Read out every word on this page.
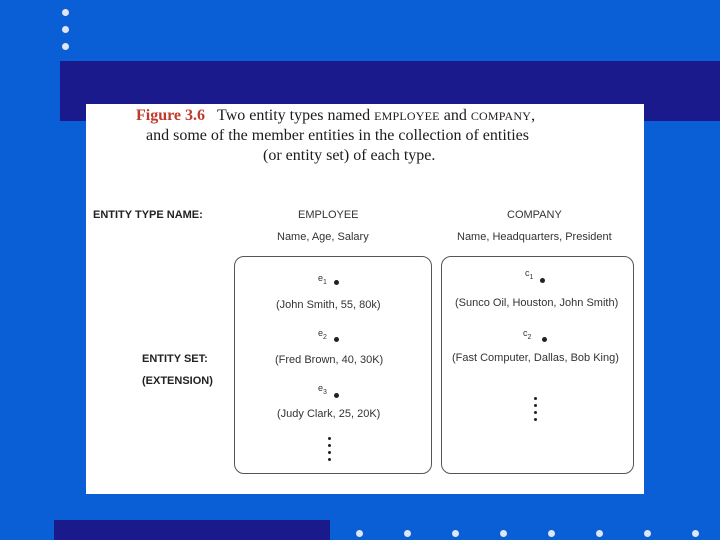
Figure 3.6 Two entity types named EMPLOYEE and COMPANY,
and some of the member entities in the collection of entities
(or entity set) of each type.
ENTITY TYPE NAME:	EMPLOYEE
Name, Age, Salary
COMPANY
Name, Headquarters, President
ENTITY SET:
(EXTENSION)
$e_1$
(John Smith, 55, 80k)
$e_2$
(Fred Brown, 40, 30K)
$e_3$
(Judy Clark, 25, 20K)
$c_1$
(Sunco Oil, Houston, John Smith)
$c_2$
(Fast Computer, Dallas, Bob King)
